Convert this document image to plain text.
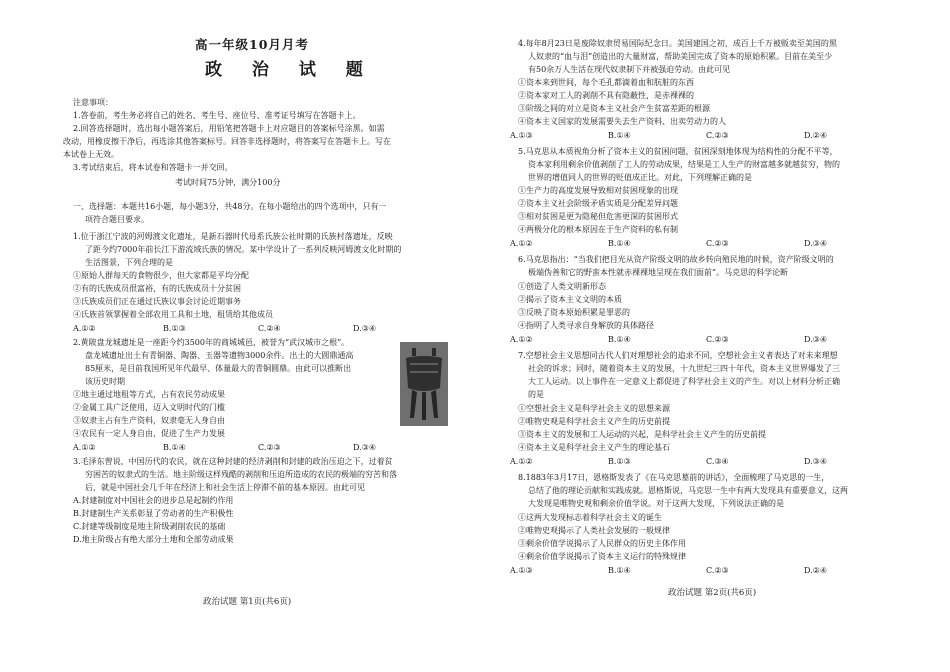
高一年级10月月考
政 治 试 题
注意事项：
1.答卷前，考生务必将自己的姓名、考生号、座位号、准考证号填写在答题卡上。
2.回答选择题时，选出每小题答案后，用铅笔把答题卡上对应题目的答案标号涂黑。如需
改动，用橡皮擦干净后，再选涂其他答案标号。回答非选择题时，将答案写在答题卡上。写在
本试卷上无效。
3.考试结束后，将本试卷和答题卡一并交回。
考试时间75分钟，满分100分
一、选择题：本题共16小题，每小题3分，共48分。在每小题给出的四个选项中，只有一
项符合题目要求。
1.位于浙江宁波的河姆渡文化遗址，是新石器时代母系氏族公社时期的氏族村落遗址，反映
了距今约7000年前长江下游流域氏族的情况。某中学设计了一系列反映河姆渡文化时期的
生活图景，下列合理的是
①原始人群每天的食物很少，但大家都是平均分配
②有的氏族成员很富裕，有的氏族成员十分贫困
③氏族成员们正在通过氏族议事会讨论近期事务
④氏族首领掌握着全部农用工具和土地，租赁给其他成员
A.①②	B.①③	C.②④	D.③④
2.黄陂盘龙城遗址是一座距今约3500年的商城城邑，被誉为“武汉城市之根”。
盘龙城遗址出土有青铜器、陶器、玉器等遗物3000余件。出土的大圆鼎通高
85厘米，是目前我国所见年代最早、体量最大的青铜圆鼎。由此可以推断出
该历史时期
①地主通过地租等方式，占有农民劳动成果
②金属工具广泛使用，迈入文明时代的门槛
③奴隶主占有生产资料，奴隶毫无人身自由
④农民有一定人身自由，促进了生产力发展
A.①②	B.①④	C.②③	D.③④
3.毛泽东曾说，中国历代的农民，就在这种封建的经济剥削和封建的政治压迫之下，过着贫
穷困苦的奴隶式的生活。地主阶级这样残酷的剥削和压迫所造成的农民的极端的穷苦和落
后，就是中国社会几千年在经济上和社会生活上停滞不前的基本原因。由此可见
A.封建制度对中国社会的进步总是起制约作用
B.封建制生产关系彰显了劳动者的生产积极性
C.封建等级制度是地主阶级剥削农民的基础
D.地主阶级占有绝大部分土地和全部劳动成果
政治试题 第1页(共6页)
4.每年8月23日是废除奴隶贸易国际纪念日。美国建国之初，成百上千万被贩卖至美国的黑
人奴隶的“血与泪”创造出的大量财富，帮助美国完成了资本的原始积累。目前在美至少
有50余万人生活在现代奴隶制下并被强迫劳动。由此可见
①资本来到世间，每个毛孔都滴着血和肮脏的东西
②资本家对工人的剥削不具有隐蔽性，是赤裸裸的
③阶级之间的对立是资本主义社会产生贫富差距的根源
④资本主义国家的发展需要失去生产资料、出卖劳动力的人
A.①③	B.①④	C.②③	D.②④
5.马克思从本质视角分析了资本主义的贫困问题，贫困深刻地体现为结构性的分配不平等，
资本家利用剩余价值剥削了工人的劳动成果，结果是工人生产的财富越多就越贫穷，物的
世界的增值同人的世界的贬值成正比。对此，下列理解正确的是
①生产力的高度发展导致相对贫困现象的出现
②资本主义社会阶级矛盾实质是分配差异问题
③相对贫困是更为隐秘但危害更深的贫困形式
④两极分化的根本原因在于生产资料的私有制
A.①②	B.①④	C.②③	D.③④
6.马克思指出：“当我们把目光从资产阶级文明的故乡转向殖民地的时候，资产阶级文明的
极端伪善和它的野蛮本性就赤裸裸地呈现在我们面前”。马克思的科学论断
①创造了人类文明新形态
②揭示了资本主义文明的本质
③反映了资本原始积累是罪恶的
④指明了人类寻求自身解放的具体路径
A.①②	B.①④	C.②③	D.③④
7.空想社会主义思想同古代人们对理想社会的追求不同，空想社会主义者表达了对未来理想
社会的诉求；同时，随着资本主义的发展，十九世纪三四十年代，资本主义世界爆发了三
大工人运动。以上事件在一定意义上都促进了科学社会主义的产生。对以上材料分析正确
的是
①空想社会主义是科学社会主义的思想来源
②唯物史观是科学社会主义产生的历史前提
③资本主义的发展和工人运动的兴起，是科学社会主义产生的历史前提
④资本主义是科学社会主义产生的理论基石
A.①②	B.①③	C.③④	D.③④
8.1883年3月17日，恩格斯发表了《在马克思墓前的讲话》，全面梳理了马克思的一生，
总结了他的理论贡献和实践成就。恩格斯说，马克思一生中有两大发现具有重要意义，这两
大发现是唯物史观和剩余价值学说。对于这两大发现，下列说法正确的是
①这两大发现标志着科学社会主义的诞生
②唯物史观揭示了人类社会发展的一般规律
③剩余价值学说揭示了人民群众的历史主体作用
④剩余价值学说揭示了资本主义运行的特殊规律
A.①③	B.①④	C.②③	D.②④
政治试题 第2页(共6页)
